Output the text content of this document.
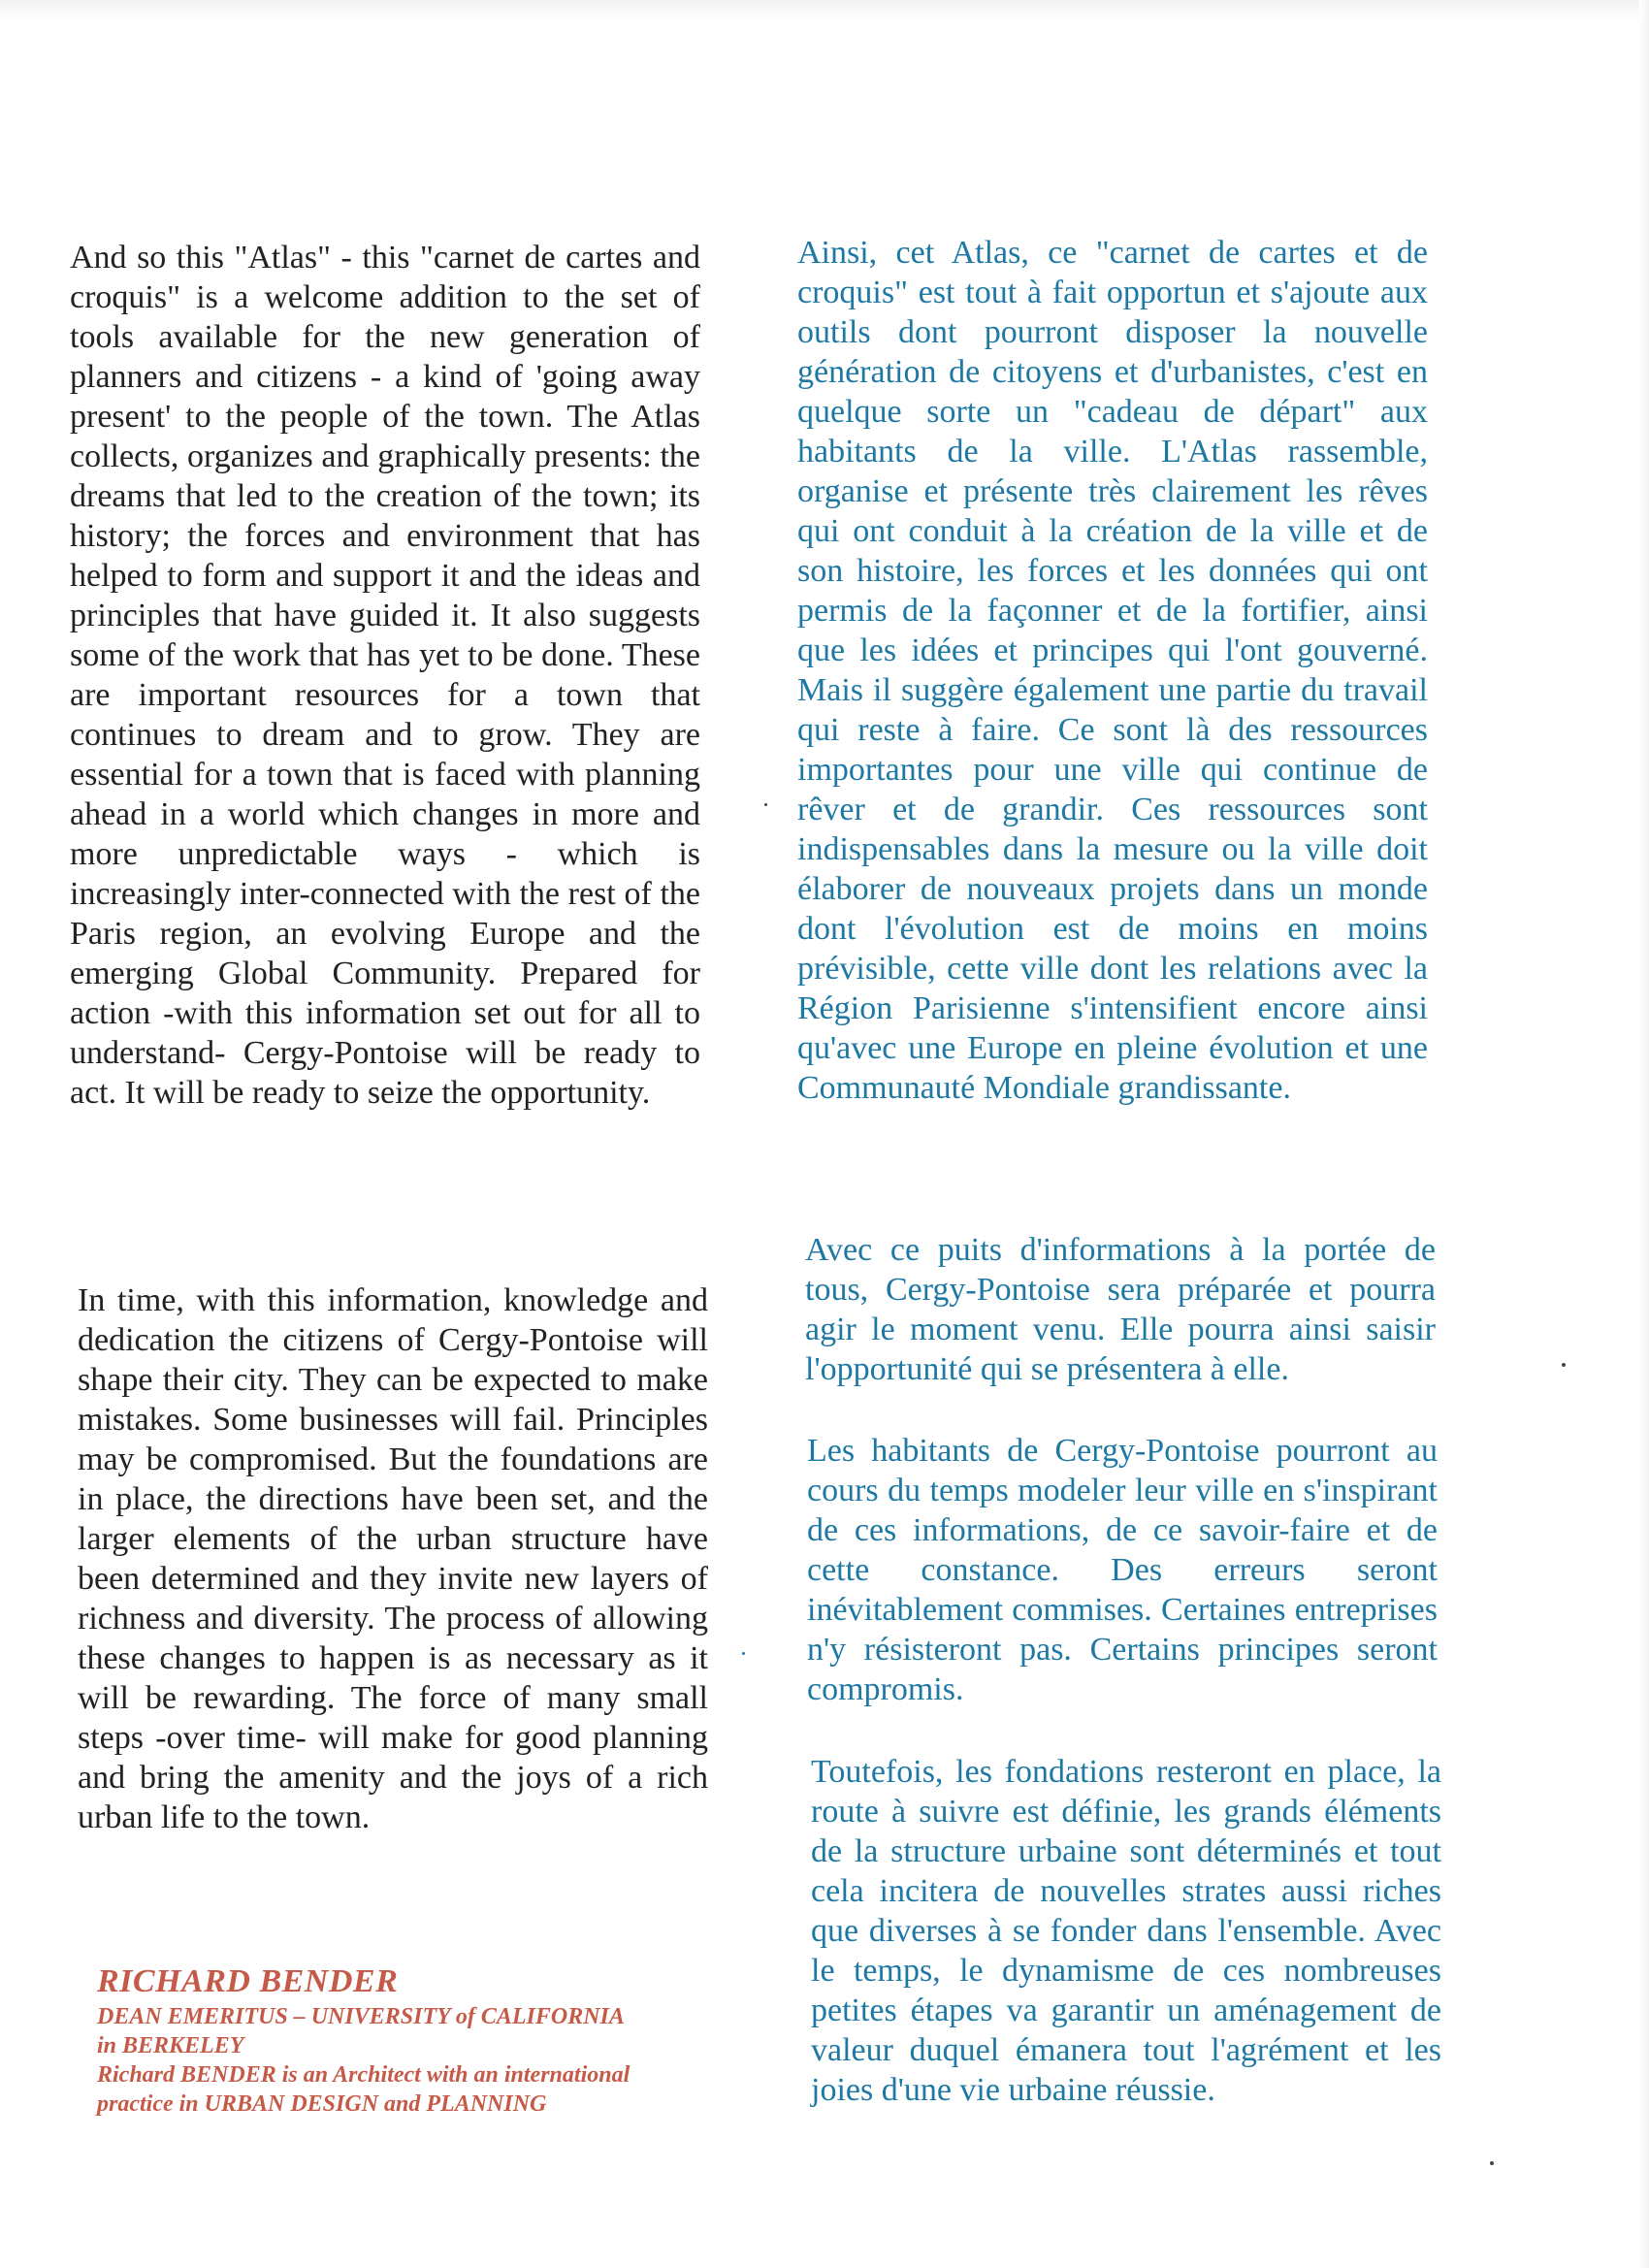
And so this "Atlas" - this "carnet de cartes and croquis" is a welcome addition to the set of tools available for the new generation of planners and citizens - a kind of 'going away present' to the people of the town. The Atlas collects, organizes and graphically presents: the dreams that led to the creation of the town; its history; the forces and environment that has helped to form and support it and the ideas and principles that have guided it. It also suggests some of the work that has yet to be done. These are important resources for a town that continues to dream and to grow. They are essential for a town that is faced with planning ahead in a world which changes in more and more unpredictable ways - which is increasingly inter-connected with the rest of the Paris region, an evolving Europe and the emerging Global Community. Prepared for action -with this information set out for all to understand- Cergy-Pontoise will be ready to act. It will be ready to seize the opportunity.

In time, with this information, knowledge and dedication the citizens of Cergy-Pontoise will shape their city. They can be expected to make mistakes. Some businesses will fail. Principles may be compromised. But the foundations are in place, the directions have been set, and the larger elements of the urban structure have been determined and they invite new layers of richness and diversity. The process of allowing these changes to happen is as necessary as it will be rewarding. The force of many small steps -over time- will make for good planning and bring the amenity and the joys of a rich urban life to the town.

Ainsi, cet Atlas, ce "carnet de cartes et de croquis" est tout à fait opportun et s'ajoute aux outils dont pourront disposer la nouvelle génération de citoyens et d'urbanistes, c'est en quelque sorte un "cadeau de départ" aux habitants de la ville. L'Atlas rassemble, organise et présente très clairement les rêves qui ont conduit à la création de la ville et de son histoire, les forces et les données qui ont permis de la façonner et de la fortifier, ainsi que les idées et principes qui l'ont gouverné. Mais il suggère également une partie du travail qui reste à faire. Ce sont là des ressources importantes pour une ville qui continue de rêver et de grandir. Ces ressources sont indispensables dans la mesure ou la ville doit élaborer de nouveaux projets dans un monde dont l'évolution est de moins en moins prévisible, cette ville dont les relations avec la Région Parisienne s'intensifient encore ainsi qu'avec une Europe en pleine évolution et une Communauté Mondiale grandissante.

Avec ce puits d'informations à la portée de tous, Cergy-Pontoise sera préparée et pourra agir le moment venu. Elle pourra ainsi saisir l'opportunité qui se présentera à elle.

Les habitants de Cergy-Pontoise pourront au cours du temps modeler leur ville en s'inspirant de ces informations, de ce savoir-faire et de cette constance. Des erreurs seront inévitablement commises. Certaines entreprises n'y résisteront pas. Certains principes seront compromis.

Toutefois, les fondations resteront en place, la route à suivre est définie, les grands éléments de la structure urbaine sont déterminés et tout cela incitera de nouvelles strates aussi riches que diverses à se fonder dans l'ensemble. Avec le temps, le dynamisme de ces nombreuses petites étapes va garantir un aménagement de valeur duquel émanera tout l'agrément et les joies d'une vie urbaine réussie.

RICHARD BENDER
DEAN EMERITUS – UNIVERSITY of CALIFORNIA
in BERKELEY
Richard BENDER is an Architect with an international
practice in URBAN DESIGN and PLANNING
